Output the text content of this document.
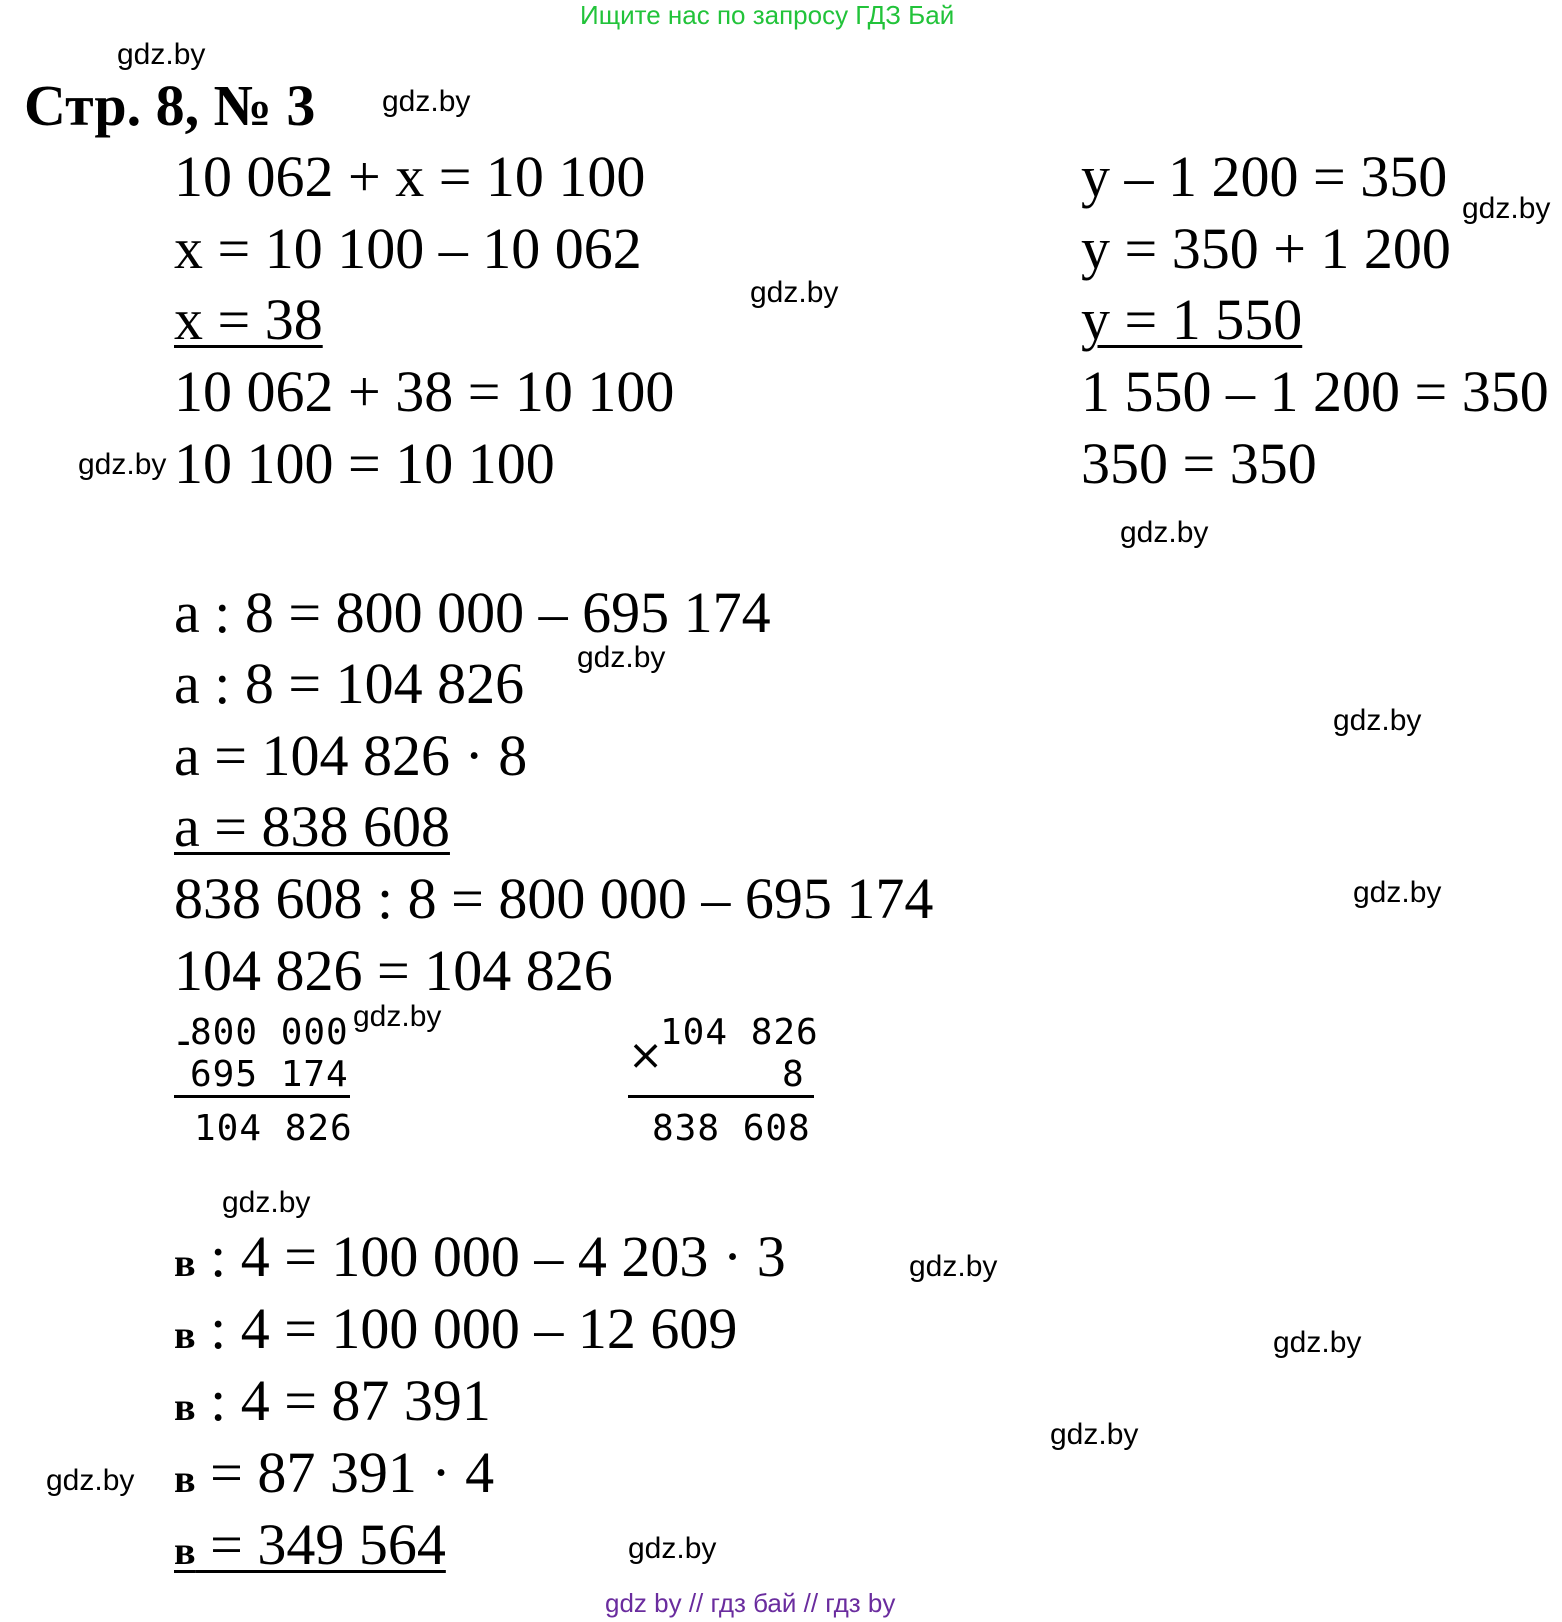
Ищите нас по запросу ГДЗ Бай
gdz.by
Стр. 8, № 3 gdz.by
10 062 + x = 10 100
x = 10 100 – 10 062
x = 38
10 062 + 38 = 10 100
10 100 = 10 100
y – 1 200 = 350
y = 350 + 1 200
y = 1 550
1 550 – 1 200 = 350
350 = 350
gdz.by
gdz.by
gdz.by
gdz.by
a : 8 = 800 000 – 695 174
a : 8 = 104 826
a = 104 826 · 8
a = 838 608
838 608 : 8 = 800 000 – 695 174
104 826 = 104 826
gdz.by
gdz.by
gdz.by
- 800 000
695 174
104 826
gdz.by
×
104 826
8
838 608
gdz.by
в : 4 = 100 000 – 4 203 · 3
в : 4 = 100 000 – 12 609
в : 4 = 87 391
в = 87 391 · 4
в = 349 564
gdz.by
gdz.by
gdz.by
gdz.by
gdz.by
gdz by // гдз бай // гдз by
